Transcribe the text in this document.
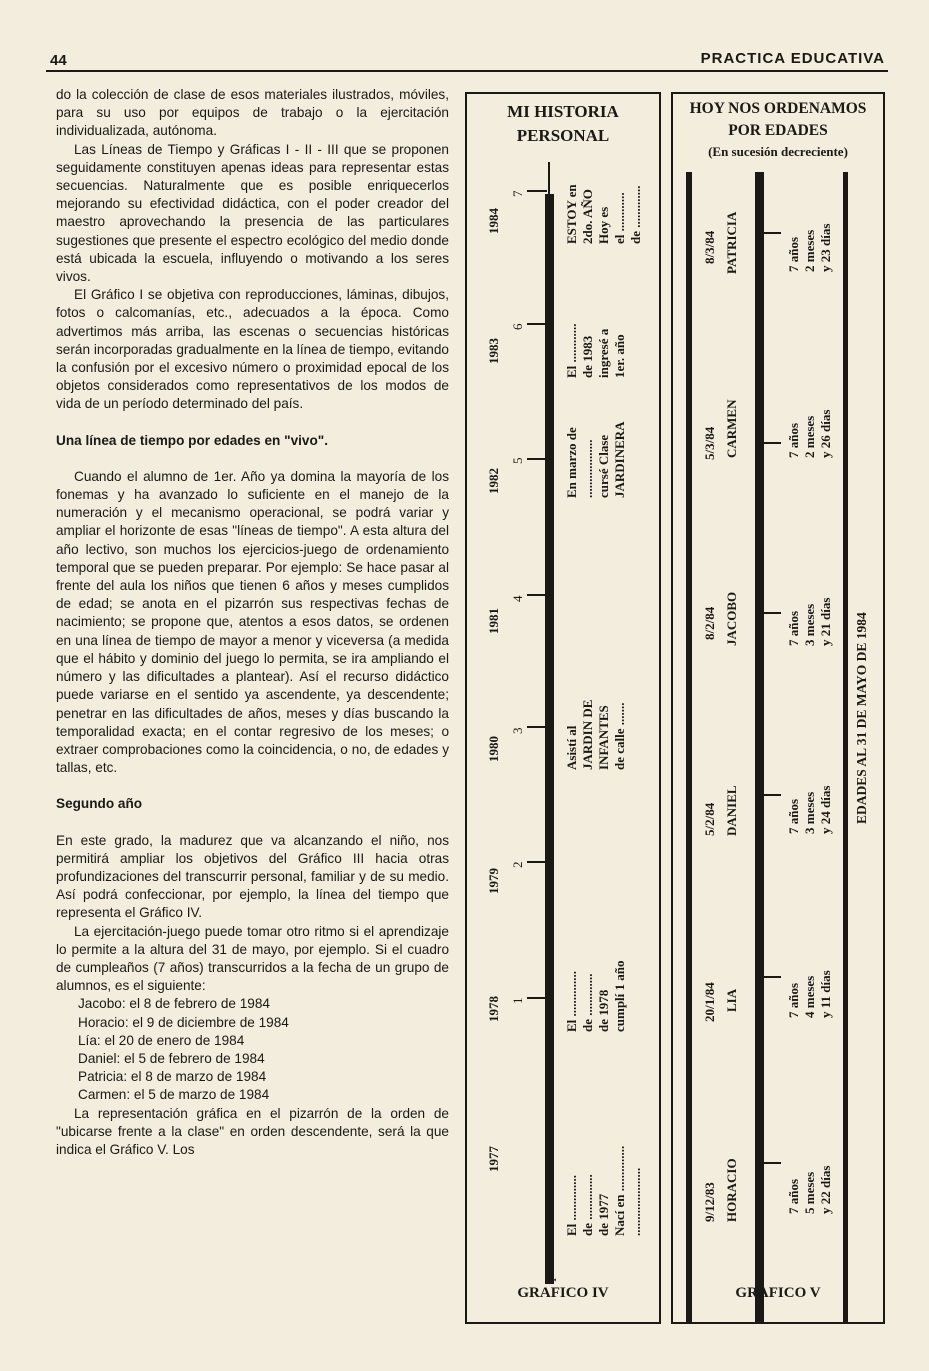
44	PRACTICA EDUCATIVA

do la colección de clase de esos materiales ilustrados, móviles, para su uso por equipos de trabajo o la ejercitación individualizada, autónoma.

Las Líneas de Tiempo y Gráficas I - II - III que se proponen seguidamente constituyen apenas ideas para representar estas secuencias. Naturalmente que es posible enriquecerlos mejorando su efectividad didáctica, con el poder creador del maestro aprovechando la presencia de las particulares sugestiones que presente el espectro ecológico del medio donde está ubicada la escuela, influyendo o motivando a los seres vivos.

El Gráfico I se objetiva con reproducciones, láminas, dibujos, fotos o calcomanías, etc., adecuados a la época. Como advertimos más arriba, las escenas o secuencias históricas serán incorporadas gradualmente en la línea de tiempo, evitando la confusión por el excesivo número o proximidad epocal de los objetos considerados como representativos de los modos de vida de un período determinado del país.

Una línea de tiempo por edades en "vivo".

Cuando el alumno de 1er. Año ya domina la mayoría de los fonemas y ha avanzado lo suficiente en el manejo de la numeración y el mecanismo operacional, se podrá variar y ampliar el horizonte de esas "líneas de tiempo". A esta altura del año lectivo, son muchos los ejercicios-juego de ordenamiento temporal que se pueden preparar. Por ejemplo: Se hace pasar al frente del aula los niños que tienen 6 años y meses cumplidos de edad; se anota en el pizarrón sus respectivas fechas de nacimiento; se propone que, atentos a esos datos, se ordenen en una línea de tiempo de mayor a menor y viceversa (a medida que el hábito y dominio del juego lo permita, se ira ampliando el número y las dificultades a plantear). Así el recurso didáctico puede variarse en el sentido ya ascendente, ya descendente; penetrar en las dificultades de años, meses y días buscando la temporalidad exacta; en el contar regresivo de los meses; o extraer comprobaciones como la coincidencia, o no, de edades y tallas, etc.

Segundo año

En este grado, la madurez que va alcanzando el niño, nos permitirá ampliar los objetivos del Gráfico III hacia otras profundizaciones del transcurrir personal, familiar y de su medio. Así podrá confeccionar, por ejemplo, la línea del tiempo que representa el Gráfico IV.

La ejercitación-juego puede tomar otro ritmo si el aprendizaje lo permite a la altura del 31 de mayo, por ejemplo. Si el cuadro de cumpleaños (7 años) transcurridos a la fecha de un grupo de alumnos, es el siguiente:

Jacobo: el 8 de febrero de 1984
Horacio: el 9 de diciembre de 1984
Lía: el 20 de enero de 1984
Daniel: el 5 de febrero de 1984
Patricia: el 8 de marzo de 1984
Carmen: el 5 de marzo de 1984

La representación gráfica en el pizarrón de la orden de "ubicarse frente a la clase" en orden descendente, será la que indica el Gráfico V. Los

MI HISTORIA
PERSONAL
1984
7
1983
6
1982
5
1981
4
1980
3
1979
2
1978 1
1977
I
ESTOY en 2do. AÑO Hoy es el ............ de .............
El ............ de 1983 ingresé a 1er. año
En marzo de .................. cursé Clase JARDINERA
Asistí al JARDIN DE INFANTES de calle .......
El .............. de ............. de 1978 cumplí 1 año
El .............. de .............. de 1977 Nací en .............. .....................
GRAFICO IV
HOY NOS ORDENAMOS
POR EDADES
(En sucesión decreciente)
EDADES AL 31 DE MAYO DE 1984
8/3/84 PATRICIA	7 años 2 meses y 23 días
5/3/84 CARMEN	7 años 2 meses y 26 días
8/2/84 JACOBO	7 años 3 meses y 21 días
5/2/84 DANIEL	7 años 3 meses y 24 días
20/1/84 LIA	7 años 4 meses y 11 días
9/12/83 HORACIO	7 años 5 meses y 22 días
GRAFICO V
